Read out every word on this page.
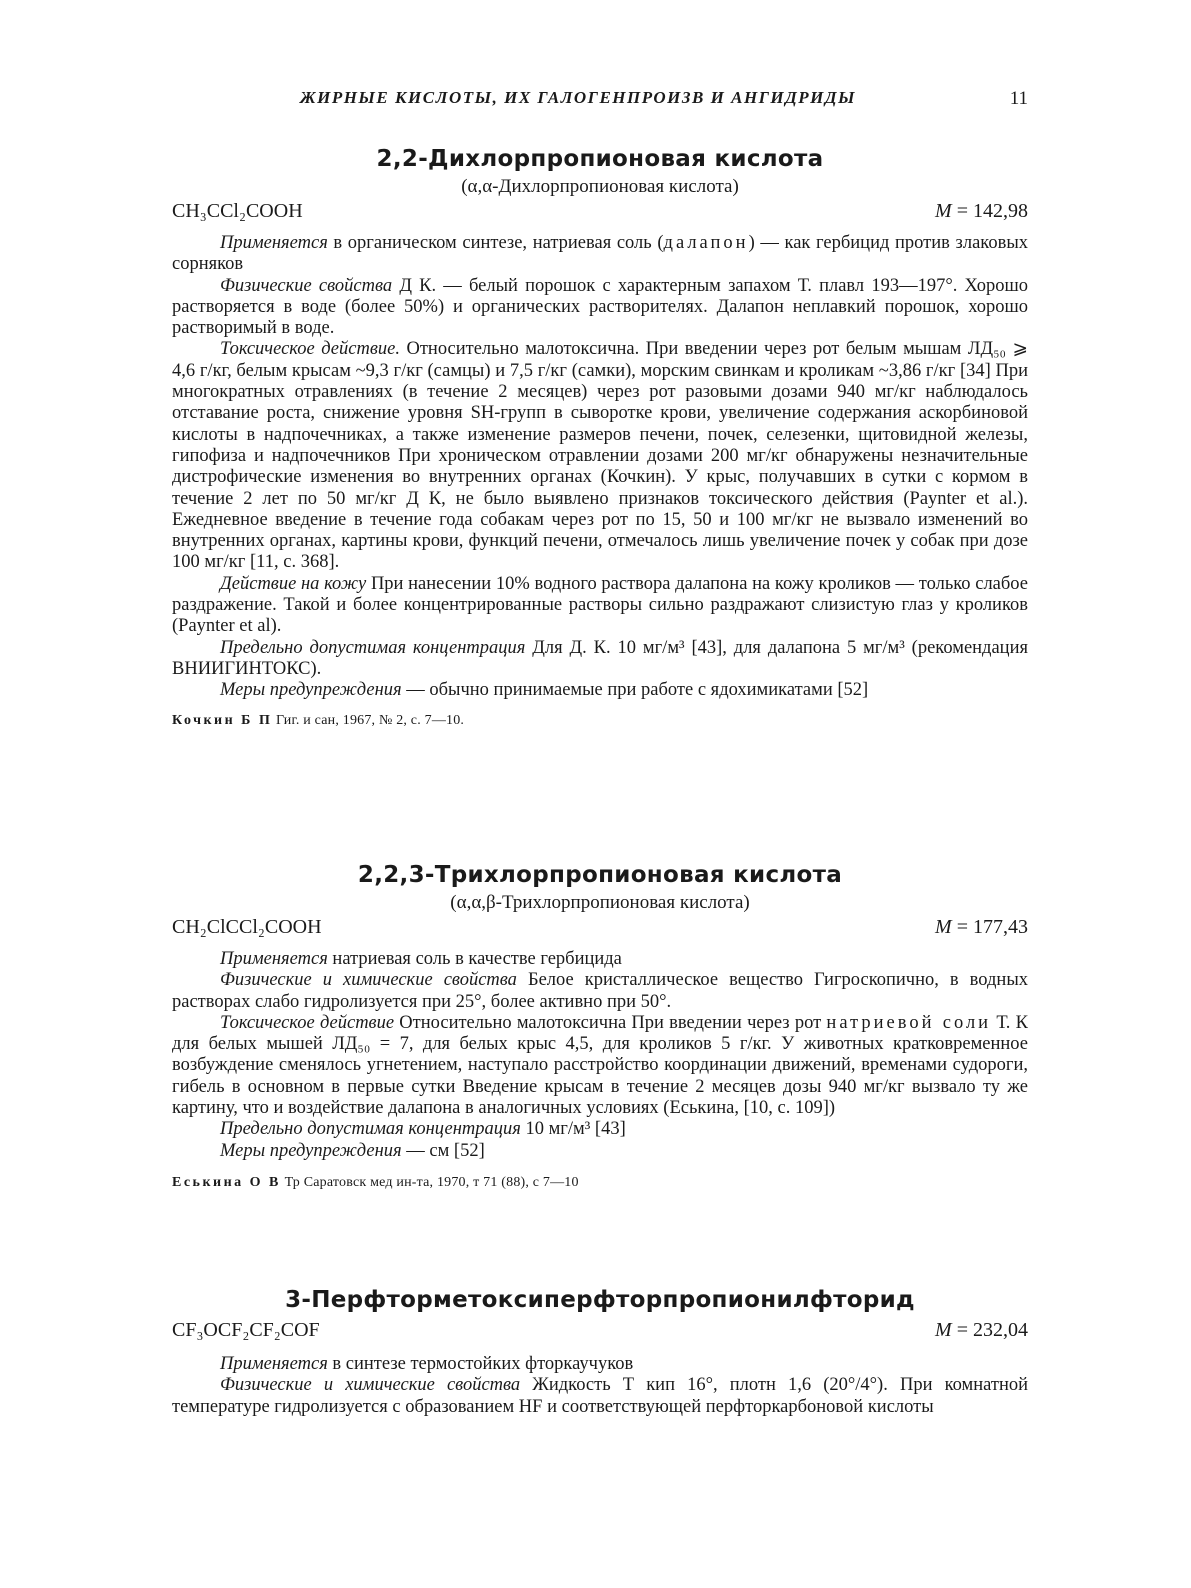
ЖИРНЫЕ КИСЛОТЫ, ИХ ГАЛОГЕНПРОИЗВ И АНГИДРИДЫ	11
2,2-Дихлорпропионовая кислота
(α,α-Дихлорпропионовая кислота)
CH₃CCl₂COOH	M = 142,98

Применяется в органическом синтезе, натриевая соль (далапон) — как гербицид против злаковых сорняков

Физические свойства Д К. — белый порошок с характерным запахом Т. плавл 193—197°. Хорошо растворяется в воде (более 50%) и органических растворителях. Далапон неплавкий порошок, хорошо растворимый в воде.

Токсическое действие. Относительно малотоксична. При введении через рот белым мышам ЛД₅₀ ⩾ 4,6 г/кг, белым крысам ~9,3 г/кг (самцы) и 7,5 г/кг (самки), морским свинкам и кроликам ~3,86 г/кг [34] При многократных отравлениях (в течение 2 месяцев) через рот разовыми дозами 940 мг/кг наблюдалось отставание роста, снижение уровня SH-групп в сыворотке крови, увеличение содержания аскорбиновой кислоты в надпочечниках, а также изменение размеров печени, почек, селезенки, щитовидной железы, гипофиза и надпочечников При хроническом отравлении дозами 200 мг/кг обнаружены незначительные дистрофические изменения во внутренних органах (Кочкин). У крыс, получавших в сутки с кормом в течение 2 лет по 50 мг/кг Д К, не было выявлено признаков токсического действия (Paynter et al.). Ежедневное введение в течение года собакам через рот по 15, 50 и 100 мг/кг не вызвало изменений во внутренних органах, картины крови, функций печени, отмечалось лишь увеличение почек у собак при дозе 100 мг/кг [11, с. 368].

Действие на кожу При нанесении 10% водного раствора далапона на кожу кроликов — только слабое раздражение. Такой и более концентрированные растворы сильно раздражают слизистую глаз у кроликов (Paynter et al).

Предельно допустимая концентрация Для Д. К. 10 мг/м³ [43], для далапона 5 мг/м³ (рекомендация ВНИИГИНТОКС).

Меры предупреждения — обычно принимаемые при работе с ядохимикатами [52]

Кочкин Б П Гиг. и сан, 1967, № 2, с. 7—10.

2,2,3-Трихлорпропионовая кислота
(α,α,β-Трихлорпропионовая кислота)
CH₂ClCCl₂COOH	M = 177,43

Применяется натриевая соль в качестве гербицида

Физические и химические свойства Белое кристаллическое вещество Гигроскопично, в водных растворах слабо гидролизуется при 25°, более активно при 50°.

Токсическое действие Относительно малотоксична При введении через рот натриевой соли Т. К для белых мышей ЛД₅₀ = 7, для белых крыс 4,5, для кроликов 5 г/кг. У животных кратковременное возбуждение сменялось угнетением, наступало расстройство координации движений, временами судороги, гибель в основном в первые сутки Введение крысам в течение 2 месяцев дозы 940 мг/кг вызвало ту же картину, что и воздействие далапона в аналогичных условиях (Еськина, [10, с. 109])

Предельно допустимая концентрация 10 мг/м³ [43]

Меры предупреждения — см [52]

Еськина О В Тр Саратовск мед ин-та, 1970, т 71 (88), с 7—10

3-Перфторметоксиперфторпропионилфторид
CF₃OCF₂CF₂COF	M = 232,04

Применяется в синтезе термостойких фторкаучуков

Физические и химические свойства Жидкость Т кип 16°, плотн 1,6 (20°/4°). При комнатной температуре гидролизуется с образованием HF и соответствующей перфторкарбоновой кислоты
